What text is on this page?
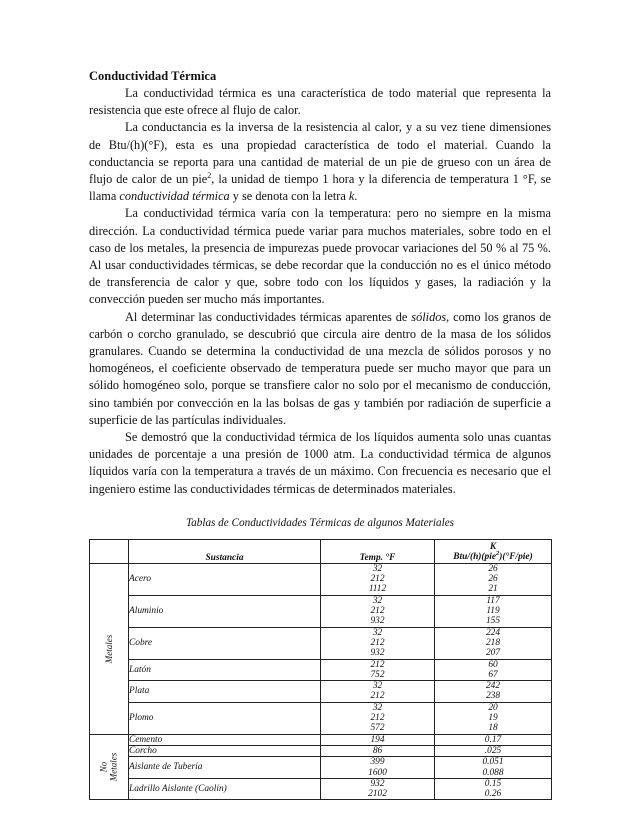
Conductividad Térmica

La conductividad térmica es una característica de todo material que representa la resistencia que este ofrece al flujo de calor.

La conductancia es la inversa de la resistencia al calor, y a su vez tiene dimensiones de Btu/(h)(°F), esta es una propiedad característica de todo el material. Cuando la conductancia se reporta para una cantidad de material de un pie de grueso con un área de flujo de calor de un pie$^2$, la unidad de tiempo 1 hora y la diferencia de temperatura 1 °F, se llama conductividad térmica y se denota con la letra k.

La conductividad térmica varía con la temperatura: pero no siempre en la misma dirección. La conductividad térmica puede variar para muchos materiales, sobre todo en el caso de los metales, la presencia de impurezas puede provocar variaciones del 50 % al 75 %. Al usar conductividades térmicas, se debe recordar que la conducción no es el único método de transferencia de calor y que, sobre todo con los líquidos y gases, la radiación y la convección pueden ser mucho más importantes.

Al determinar las conductividades térmicas aparentes de sólidos, como los granos de carbón o corcho granulado, se descubrió que circula aire dentro de la masa de los sólidos granulares. Cuando se determina la conductividad de una mezcla de sólidos porosos y no homogéneos, el coeficiente observado de temperatura puede ser mucho mayor que para un sólido homogéneo solo, porque se transfiere calor no solo por el mecanismo de conducción, sino también por convección en la las bolsas de gas y también por radiación de superficie a superficie de las partículas individuales.

Se demostró que la conductividad térmica de los líquidos aumenta solo unas cuantas unidades de porcentaje a una presión de 1000 atm. La conductividad térmica de algunos líquidos varía con la temperatura a través de un máximo. Con frecuencia es necesario que el ingeniero estime las conductividades térmicas de determinados materiales.

Tablas de Conductividades Térmicas de algunos Materiales
	Sustancia	Temp. °F	K
Btu/(h)(pie$^2$)(°F/pie)

Metales	Acero	32
212
1112	26
26
21

	Aluminio	32
212
932	117
119
155

	Cobre	32
212
932	224
218
207

	Latón	212
752	60
67

	Plata	32
212	242
238

	Plomo	32
212
572	20
19
18

No Metales	Cemento	194	0.17

	Corcho	86	.025

	Aislante de Tubería	399
1600	0.051
0.088

	Ladrillo Aislante (Caolín)	932
2102	0.15
0.26
